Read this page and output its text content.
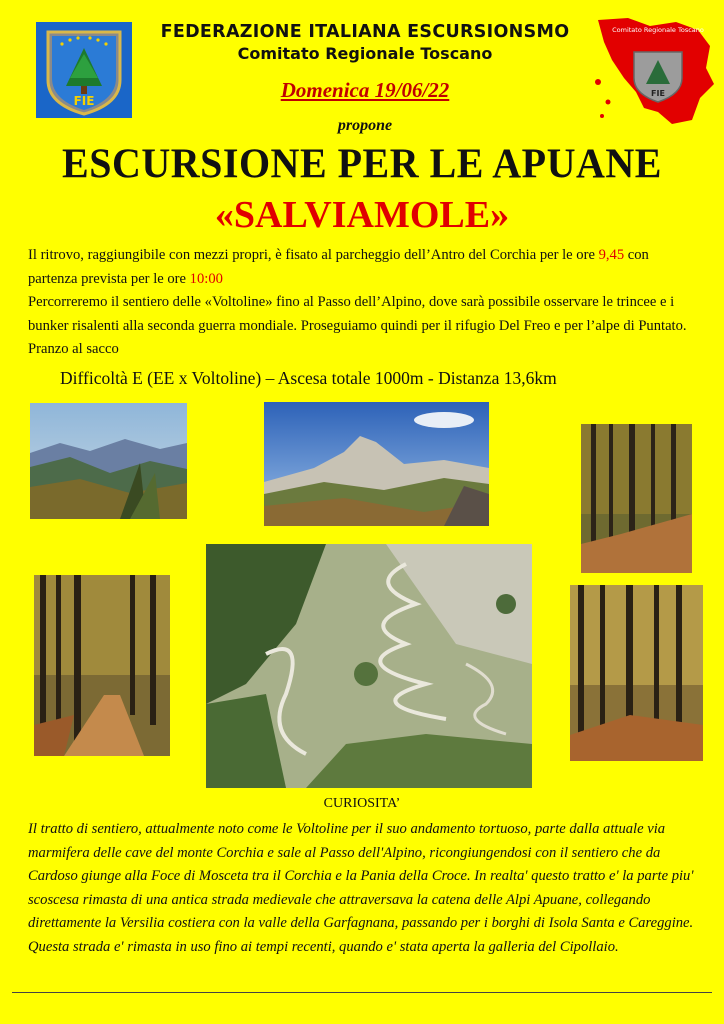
FIE
Comitato Regionale Toscano
FIE
FEDERAZIONE ITALIANA ESCURSIONSMO
Comitato Regionale Toscano
Domenica 19/06/22
propone
ESCURSIONE PER LE APUANE
«SALVIAMOLE»
Il ritrovo, raggiungibile con mezzi propri, è fisato al parcheggio dell’Antro del Corchia per le ore 9,45 con partenza prevista per le ore 10:00
Percorreremo il sentiero delle «Voltoline» fino al Passo dell’Alpino, dove sarà possibile osservare le trincee e i bunker risalenti alla seconda guerra mondiale. Proseguiamo quindi per il rifugio Del Freo e per l’alpe di Puntato. Pranzo al sacco
Difficoltà E (EE x Voltoline) – Ascesa totale 1000m - Distanza 13,6km
CURIOSITA’
Il tratto di sentiero, attualmente noto come le Voltoline per il suo andamento tortuoso, parte dalla attuale via marmifera delle cave del monte Corchia e sale al Passo dell'Alpino, ricongiungendosi con il sentiero che da Cardoso giunge alla Foce di Mosceta tra il Corchia e la Pania della Croce. In realta' questo tratto e' la parte piu' scoscesa rimasta di una antica strada medievale che attraversava la catena delle Alpi Apuane, collegando direttamente la Versilia costiera con la valle della Garfagnana, passando per i borghi di Isola Santa e Careggine. Questa strada e' rimasta in uso fino ai tempi recenti, quando e' stata aperta la galleria del Cipollaio.
